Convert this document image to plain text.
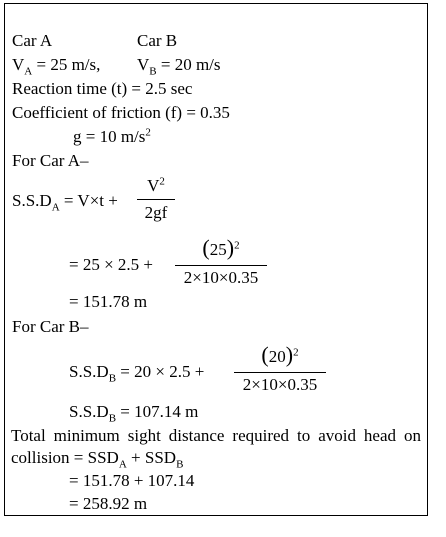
Car A	Car B
$V_A = 25$ m/s, $V_B = 20$ m/s
Reaction time (t) = 2.5 sec
Coefficient of friction (f) = 0.35
g = 10 $m/s^2$
For Car A–
$S.S.D_A = V\times t$ +
$V^2$
2gf
= 25 × 2.5 +
$(25)^2$
2×10×0.35
= 151.78 m
For Car B–
$S.S.D_B = 20 \times 2.5$ +
$(20)^2$
2×10×0.35
$S.S.D_B = 107.14$ m
Total minimum sight distance required to avoid head on collision = $SSD_A + SSD_B$
= 151.78 + 107.14
= 258.92 m
